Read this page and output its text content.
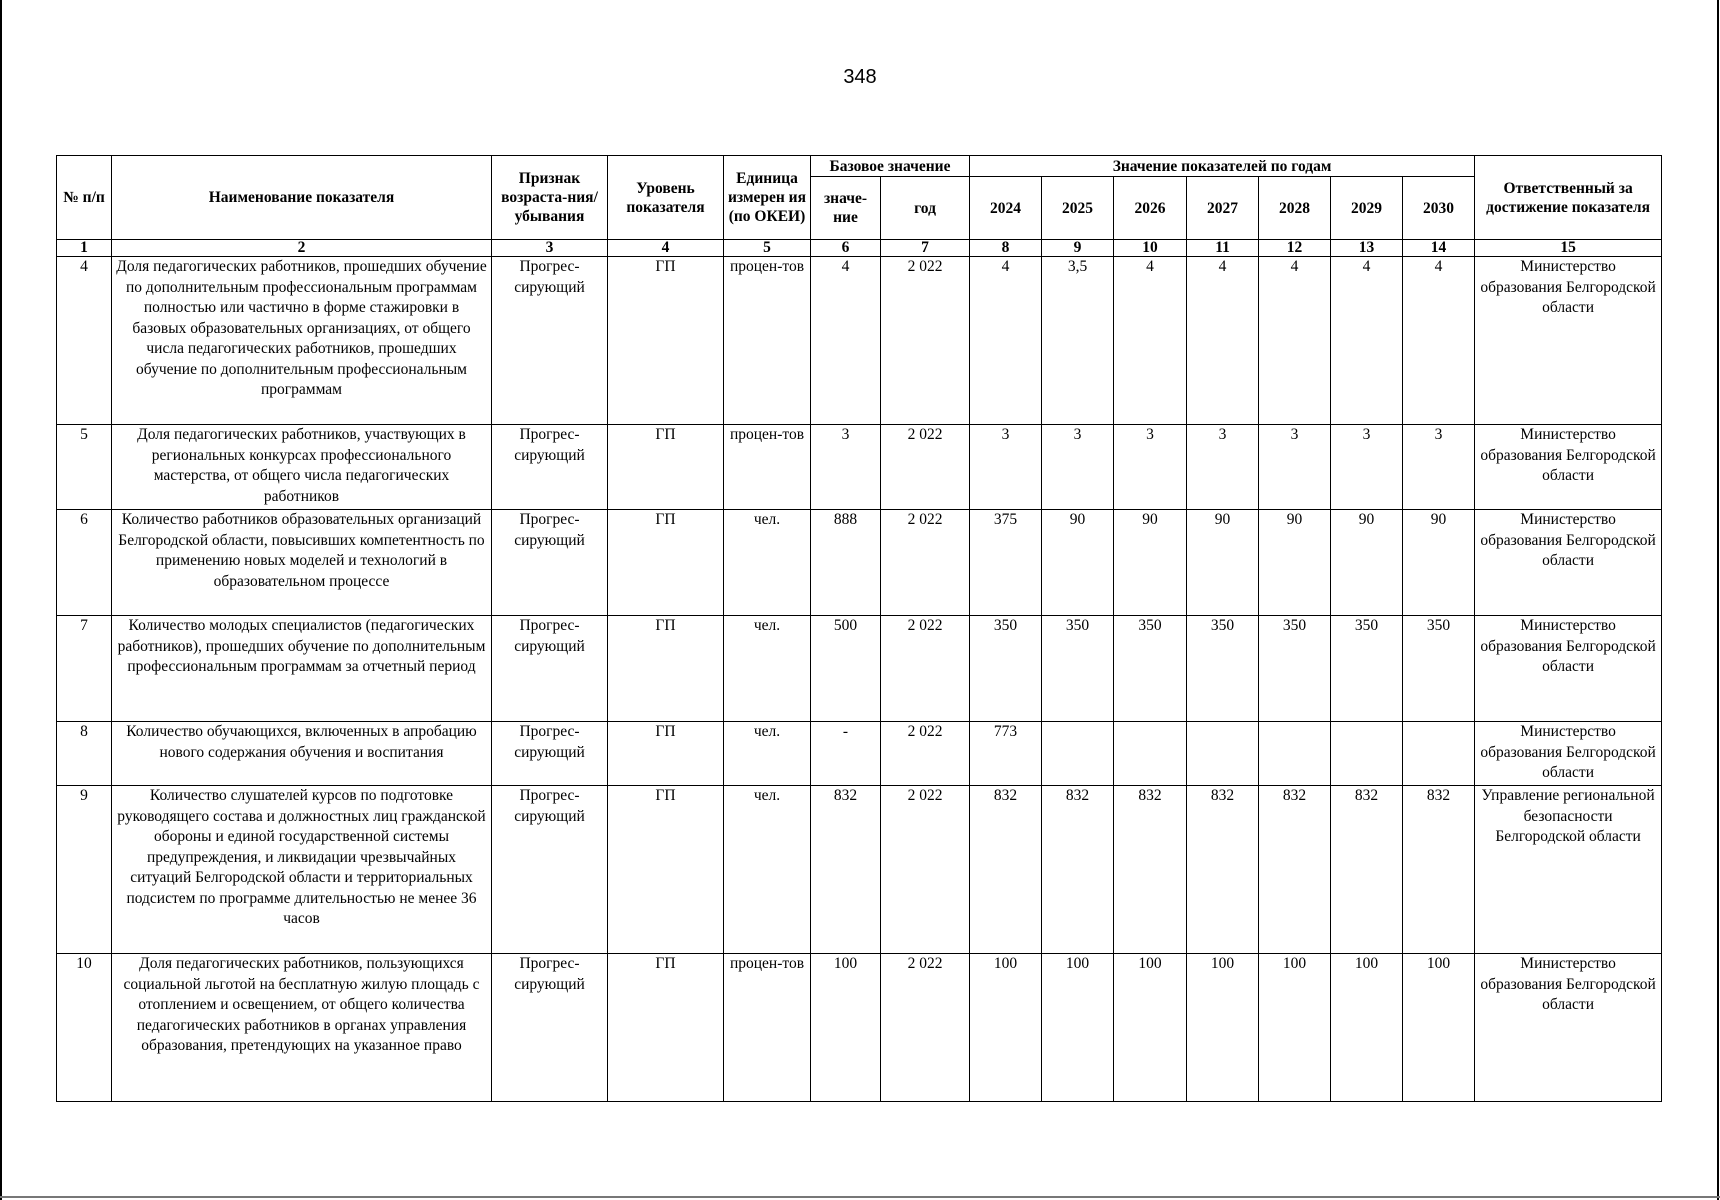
348
№ п/п	Наименование показателя	Признак возраста-ния/ убывания	Уровень показателя	Единица измерен ия (по ОКЕИ)	Базовое значение		Значение показателей по годам							Ответственный за достижение показателя
					значе-ние	год	2024	2025	2026	2027	2028	2029	2030	
1	2	3	4	5	6	7	8	9	10	11	12	13	14	15
4	Доля педагогических работников, прошедших обучение по дополнительным профессиональным программам полностью или частично в форме стажировки в базовых образовательных организациях, от общего числа педагогических работников, прошедших обучение по дополнительным профессиональным программам	Прогрес-сирующий	ГП	процен-тов	4	2 022	4	3,5	4	4	4	4	4	Министерство образования Белгородской области
5	Доля педагогических работников, участвующих в региональных конкурсах профессионального мастерства, от общего числа педагогических работников	Прогрес-сирующий	ГП	процен-тов	3	2 022	3	3	3	3	3	3	3	Министерство образования Белгородской области
6	Количество работников образовательных организаций Белгородской области, повысивших компетентность по применению новых моделей и технологий в образовательном процессе	Прогрес-сирующий	ГП	чел.	888	2 022	375	90	90	90	90	90	90	Министерство образования Белгородской области
7	Количество молодых специалистов (педагогических работников), прошедших обучение по дополнительным профессиональным программам за отчетный период	Прогрес-сирующий	ГП	чел.	500	2 022	350	350	350	350	350	350	350	Министерство образования Белгородской области
8	Количество обучающихся, включенных в апробацию нового содержания обучения и воспитания	Прогрес-сирующий	ГП	чел.	-	2 022	773							Министерство образования Белгородской области
9	Количество слушателей курсов по подготовке руководящего состава и должностных лиц гражданской обороны и единой государственной системы предупреждения, и ликвидации чрезвычайных ситуаций Белгородской области и территориальных подсистем по программе длительностью не менее 36 часов	Прогрес-сирующий	ГП	чел.	832	2 022	832	832	832	832	832	832	832	Управление региональной безопасности Белгородской области
10	Доля педагогических работников, пользующихся социальной льготой на бесплатную жилую площадь с отоплением и освещением, от общего количества педагогических работников в органах управления образования, претендующих на указанное право	Прогрес-сирующий	ГП	процен-тов	100	2 022	100	100	100	100	100	100	100	Министерство образования Белгородской области
